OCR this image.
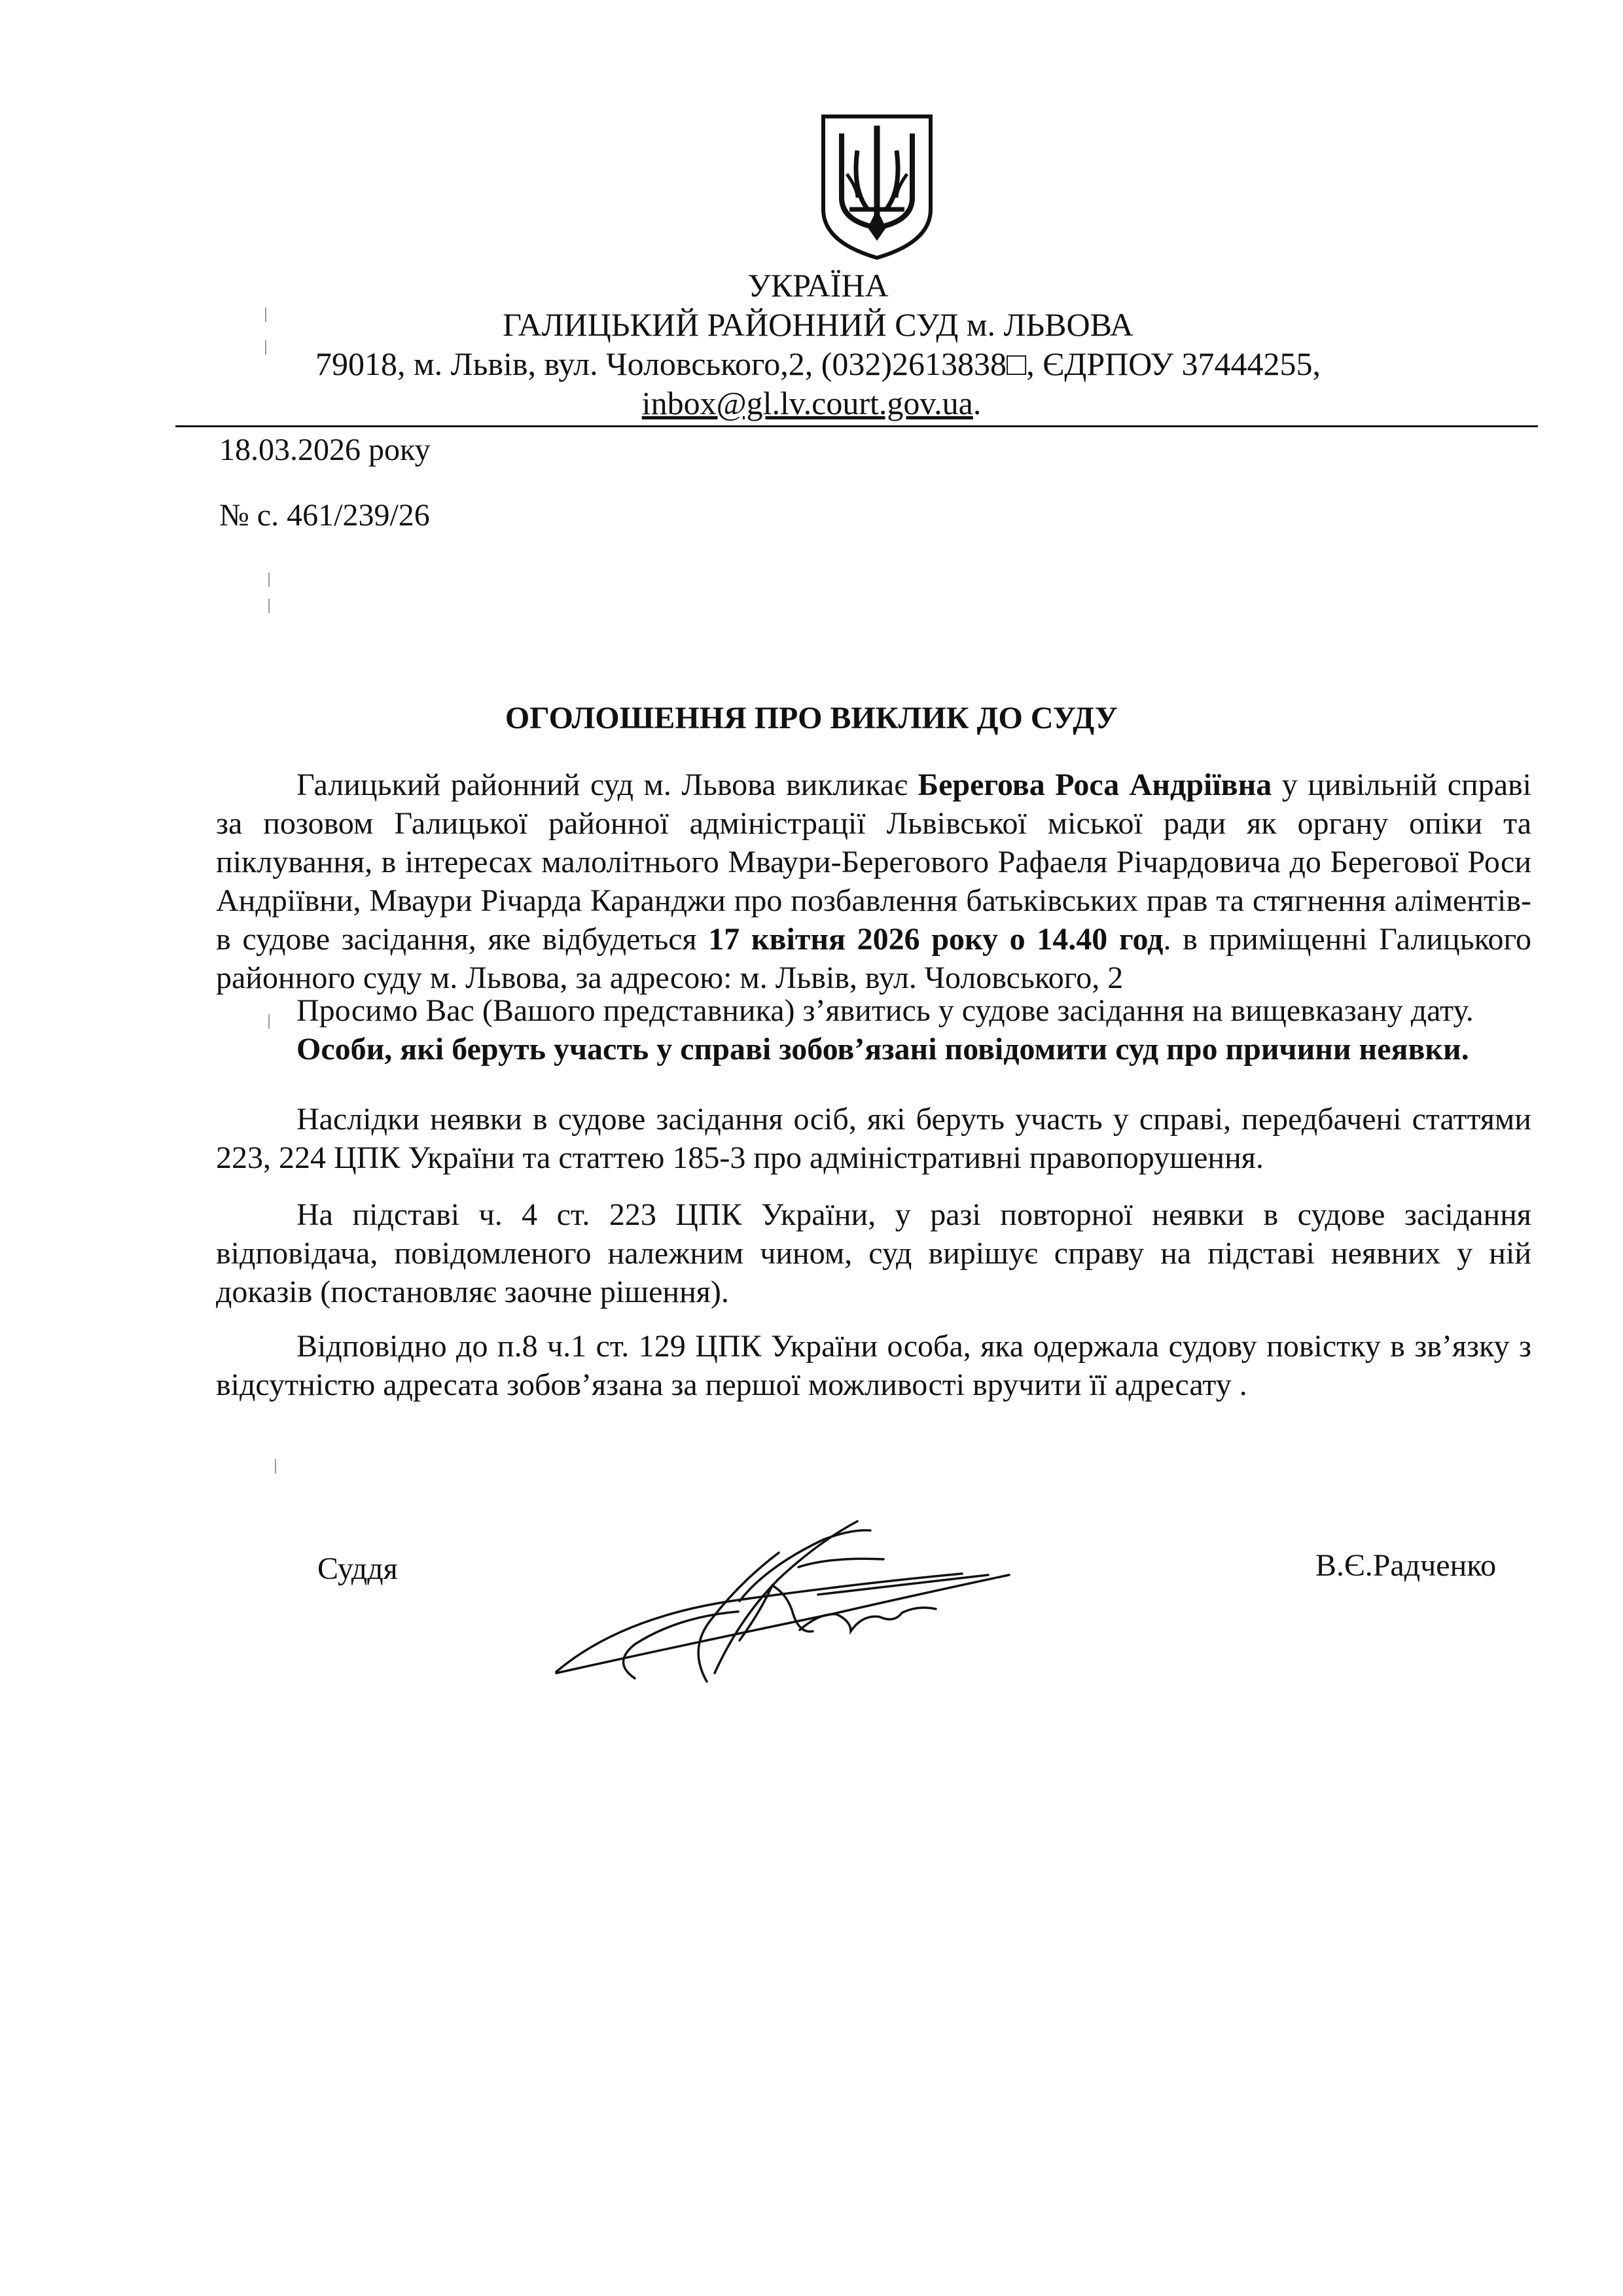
УКРАЇНА
ГАЛИЦЬКИЙ РАЙОННИЙ СУД м. ЛЬВОВА
79018, м. Львів, вул. Чоловського,2, (032)2613838□, ЄДРПОУ 37444255,
inbox@gl.lv.court.gov.ua.
18.03.2026 року
№ с. 461/239/26
ОГОЛОШЕННЯ ПРО ВИКЛИК ДО СУДУ
Галицький районний суд м. Львова викликає Берегова Роса Андріївна у цивільній справі за позовом Галицької районної адміністрації Львівської міської ради як органу опіки та піклування, в інтересах малолітнього Мваури-Берегового Рафаеля Річардовича до Берегової Роси Андріївни, Мваури Річарда Каранджи про позбавлення батьківських прав та стягнення аліментів- в судове засідання, яке відбудеться 17 квітня 2026 року о 14.40 год. в приміщенні Галицького районного суду м. Львова, за адресою: м. Львів, вул. Чоловського, 2
Просимо Вас (Вашого представника) з’явитись у судове засідання на вищевказану дату.
Особи, які беруть участь у справі зобов’язані повідомити суд про причини неявки.
Наслідки неявки в судове засідання осіб, які беруть участь у справі, передбачені статтями 223, 224 ЦПК України та статтею 185-3 про адміністративні правопорушення.
На підставі ч. 4 ст. 223 ЦПК України, у разі повторної неявки в судове засідання відповідача, повідомленого належним чином, суд вирішує справу на підставі неявних у ній доказів (постановляє заочне рішення).
Відповідно до п.8 ч.1 ст. 129 ЦПК України особа, яка одержала судову повістку в зв’язку з відсутністю адресата зобов’язана за першої можливості вручити її адресату .
Суддя	В.Є.Радченко
